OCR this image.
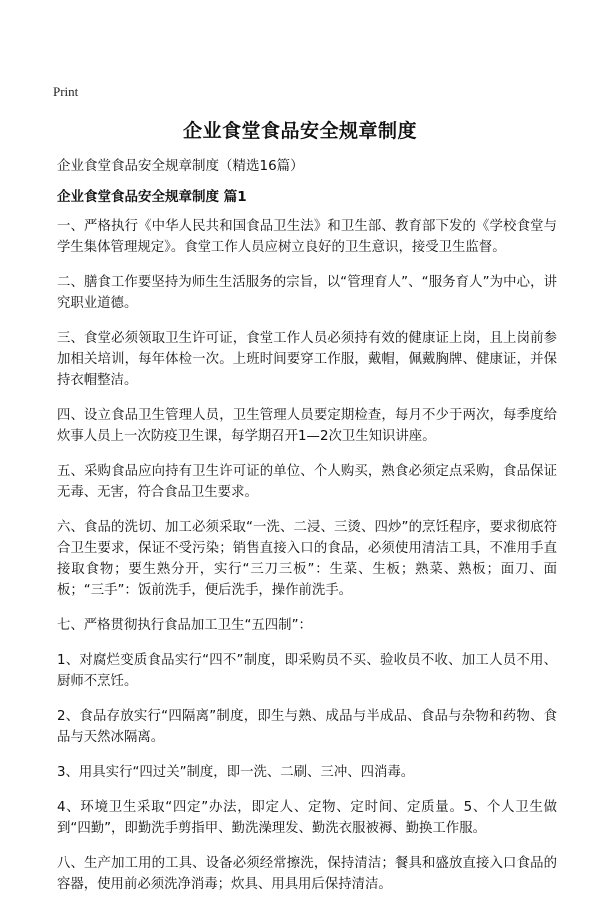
Print
企业食堂食品安全规章制度

企业食堂食品安全规章制度（精选16篇）

企业食堂食品安全规章制度 篇1

一、严格执行《中华人民共和国食品卫生法》和卫生部、教育部下发的《学校食堂与学生集体管理规定》。食堂工作人员应树立良好的卫生意识，接受卫生监督。

二、膳食工作要坚持为师生生活服务的宗旨，以“管理育人”、“服务育人”为中心，讲究职业道德。

三、食堂必须领取卫生许可证，食堂工作人员必须持有效的健康证上岗，且上岗前参加相关培训，每年体检一次。上班时间要穿工作服，戴帽，佩戴胸牌、健康证，并保持衣帽整洁。

四、设立食品卫生管理人员，卫生管理人员要定期检查，每月不少于两次，每季度给炊事人员上一次防疫卫生课，每学期召开1—2次卫生知识讲座。

五、采购食品应向持有卫生许可证的单位、个人购买，熟食必须定点采购，食品保证无毒、无害，符合食品卫生要求。

六、食品的洗切、加工必须采取“一洗、二浸、三烫、四炒”的烹饪程序，要求彻底符合卫生要求，保证不受污染；销售直接入口的食品，必须使用清洁工具，不准用手直接取食物；要生熟分开，实行“三刀三板”：生菜、生板；熟菜、熟板；面刀、面板；“三手”：饭前洗手，便后洗手，操作前洗手。

七、严格贯彻执行食品加工卫生“五四制”：

1、对腐烂变质食品实行“四不”制度，即采购员不买、验收员不收、加工人员不用、厨师不烹饪。

2、食品存放实行“四隔离”制度，即生与熟、成品与半成品、食品与杂物和药物、食品与天然冰隔离。

3、用具实行“四过关”制度，即一洗、二刷、三冲、四消毒。

4、环境卫生采取“四定”办法，即定人、定物、定时间、定质量。5、个人卫生做到“四勤”，即勤洗手剪指甲、勤洗澡理发、勤洗衣服被褥、勤换工作服。

八、生产加工用的工具、设备必须经常擦洗，保持清洁；餐具和盛放直接入口食品的容器，使用前必须洗净消毒；炊具、用具用后保持清洁。
